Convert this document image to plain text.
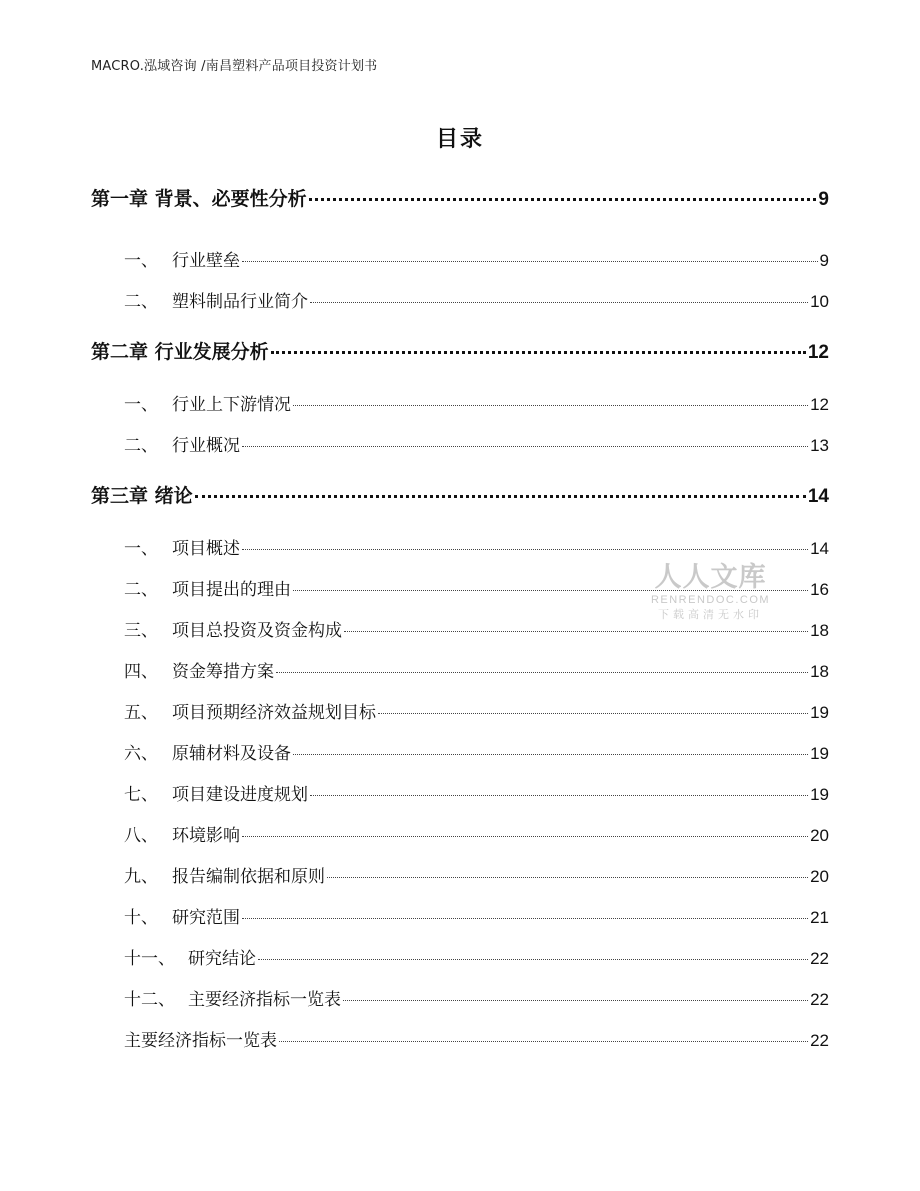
MACRO.泓域咨询 /南昌塑料产品项目投资计划书
目录
第一章 背景、必要性分析	9
一、 行业壁垒	9
二、 塑料制品行业简介	10
第二章 行业发展分析	12
一、 行业上下游情况	12
二、 行业概况	13
第三章 绪论	14
一、 项目概述	14
二、 项目提出的理由	16
三、 项目总投资及资金构成	18
四、 资金筹措方案	18
五、 项目预期经济效益规划目标	19
六、 原辅材料及设备	19
七、 项目建设进度规划	19
八、 环境影响	20
九、 报告编制依据和原则	20
十、 研究范围	21
十一、 研究结论	22
十二、 主要经济指标一览表	22
主要经济指标一览表	22
人人文库
RENRENDOC.COM
下载高清无水印
